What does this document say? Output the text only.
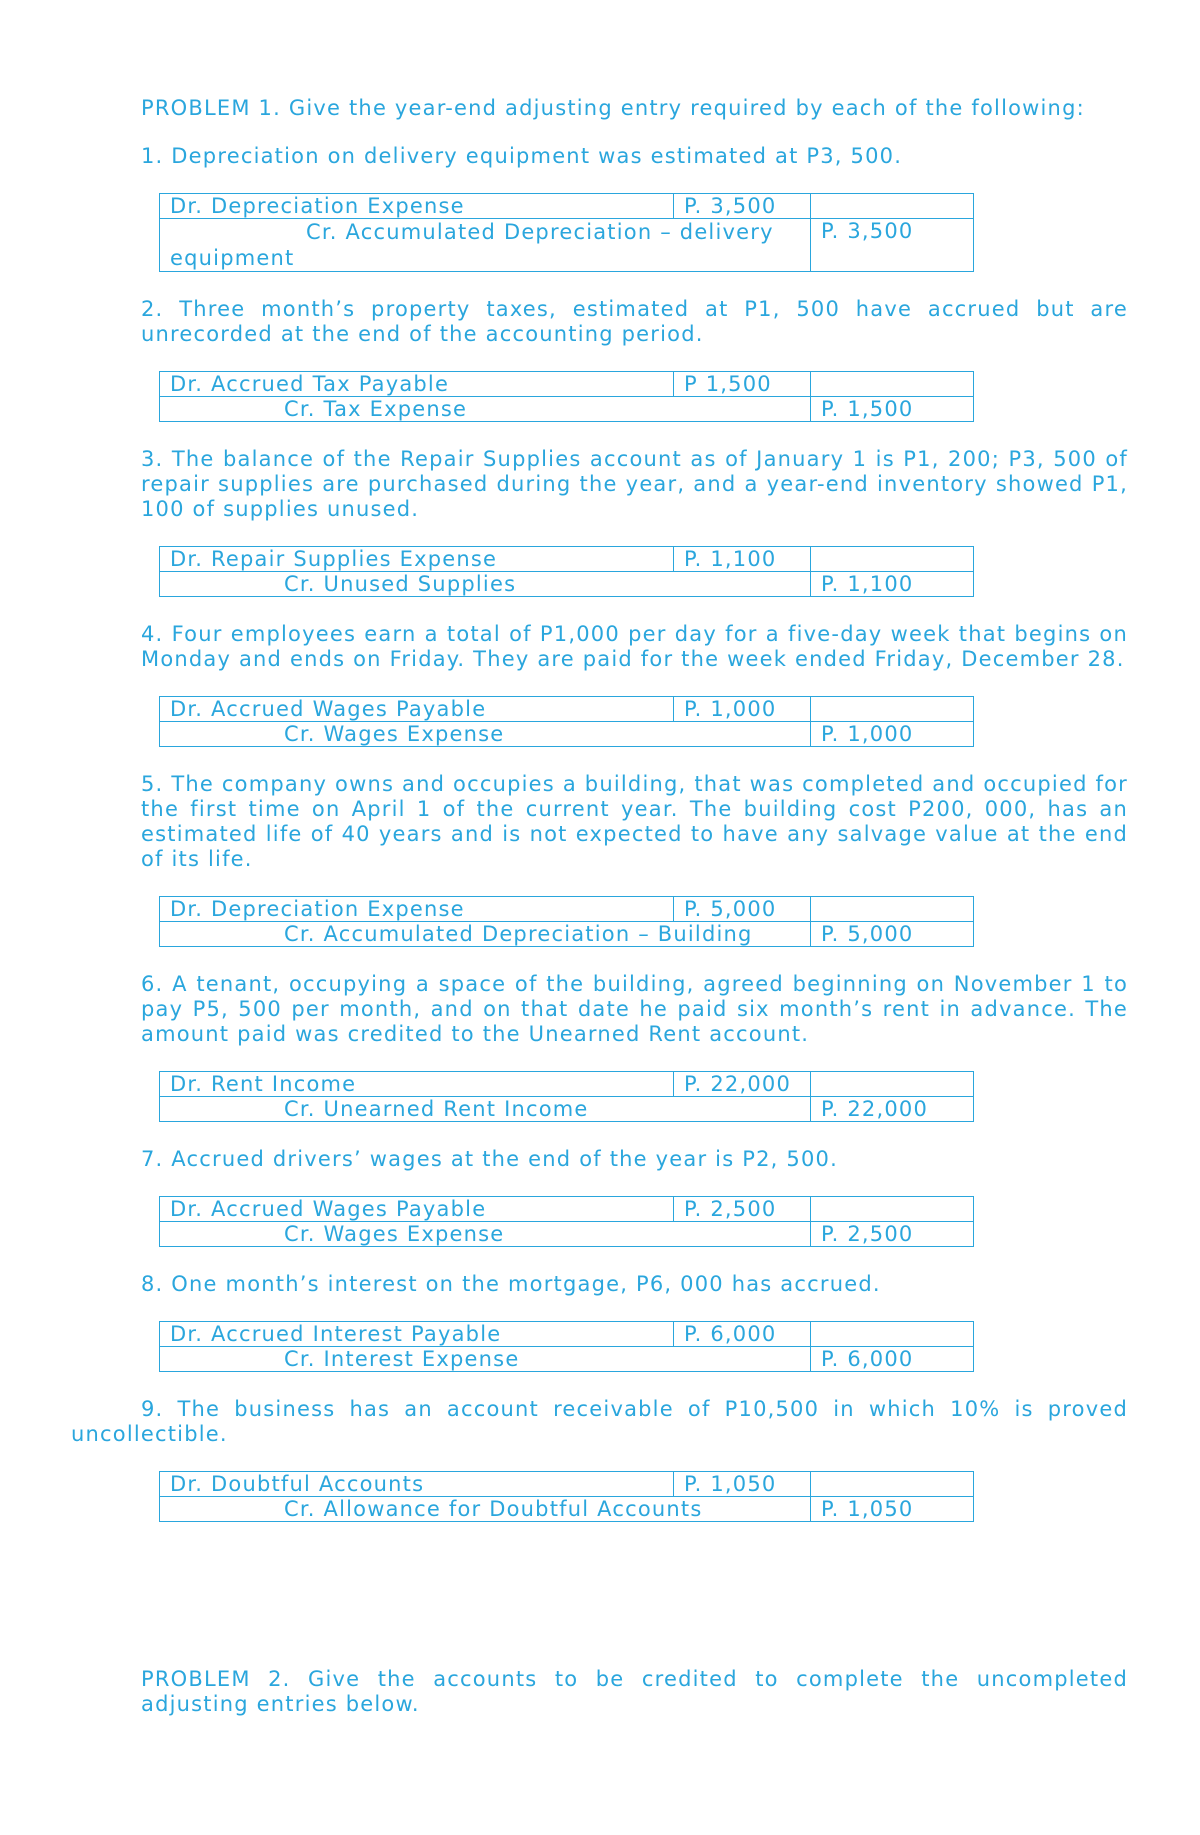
PROBLEM 1. Give the year-end adjusting entry required by each of the following:

1. Depreciation on delivery equipment was estimated at P3, 500.

Dr. Depreciation Expense	P. 3,500	
Cr. Accumulated Depreciation – delivery equipment		P. 3,500

2. Three month’s property taxes, estimated at P1, 500 have accrued but are unrecorded at the end of the accounting period.

Dr. Accrued Tax Payable	P 1,500	
Cr. Tax Expense		P. 1,500

3. The balance of the Repair Supplies account as of January 1 is P1, 200; P3, 500 of repair supplies are purchased during the year, and a year-end inventory showed P1, 100 of supplies unused.

Dr. Repair Supplies Expense	P. 1,100	
Cr. Unused Supplies		P. 1,100

4. Four employees earn a total of P1,000 per day for a five-day week that begins on Monday and ends on Friday. They are paid for the week ended Friday, December 28.

Dr. Accrued Wages Payable	P. 1,000	
Cr. Wages Expense		P. 1,000

5. The company owns and occupies a building, that was completed and occupied for the first time on April 1 of the current year. The building cost P200, 000, has an estimated life of 40 years and is not expected to have any salvage value at the end of its life.

Dr. Depreciation Expense	P. 5,000	
Cr. Accumulated Depreciation – Building		P. 5,000

6. A tenant, occupying a space of the building, agreed beginning on November 1 to pay P5, 500 per month, and on that date he paid six month’s rent in advance. The amount paid was credited to the Unearned Rent account.

Dr. Rent Income	P. 22,000	
Cr. Unearned Rent Income		P. 22,000

7. Accrued drivers’ wages at the end of the year is P2, 500.

Dr. Accrued Wages Payable	P. 2,500	
Cr. Wages Expense		P. 2,500

8. One month’s interest on the mortgage, P6, 000 has accrued.

Dr. Accrued Interest Payable	P. 6,000	
Cr. Interest Expense		P. 6,000

9. The business has an account receivable of P10,500 in which 10% is proved uncollectible.

Dr. Doubtful Accounts	P. 1,050	
Cr. Allowance for Doubtful Accounts		P. 1,050

PROBLEM 2. Give the accounts to be credited to complete the uncompleted adjusting entries below.
